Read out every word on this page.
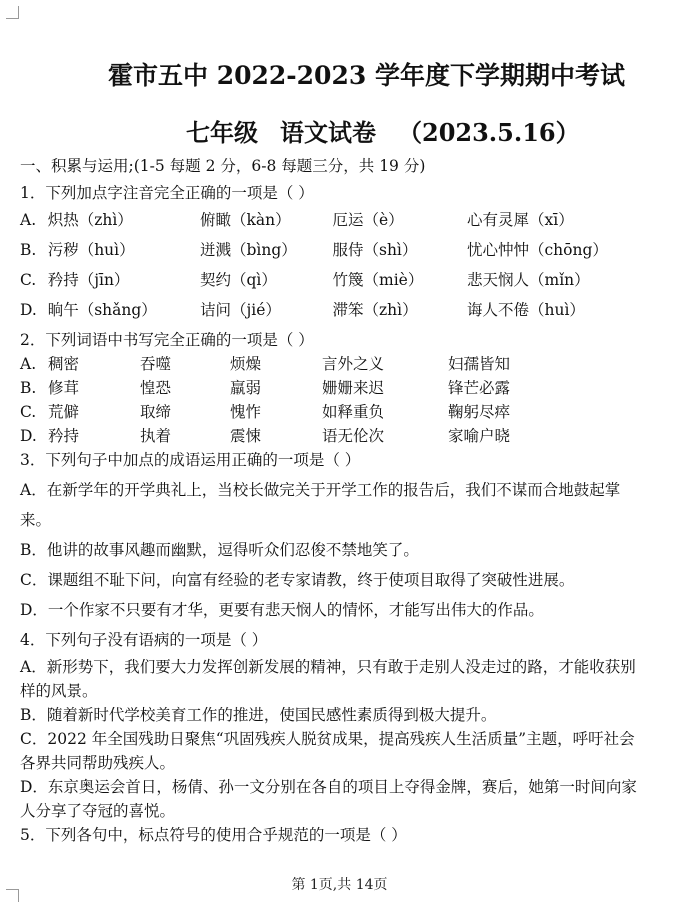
霍市五中 2022-2023 学年度下学期期中考试
七年级 语文试卷 （2023.5.16）
一、积累与运用;(1-5 每题 2 分，6-8 每题三分，共 19 分)
1．下列加点字注音完全正确的一项是（ ）
A. 炽热（zhì）	俯瞰（kàn）	厄运（è）	心有灵犀（xī）
B. 污秽（huì）	迸溅（bìng）	服侍（shì）	忧心忡忡（chōng）
C. 矜持（jīn）	契约（qì）	竹篾（miè）	悲天悯人（mǐn）
D. 晌午（shǎng）	诘问（jié）	滞笨（zhì）	诲人不倦（huì）
2．下列词语中书写完全正确的一项是（ ）
A. 稠密	吞噬	烦燥	言外之义	妇孺皆知
B. 修茸	惶恐	羸弱	姗姗来迟	锋芒必露
C. 荒僻	取缔	愧怍	如释重负	鞠躬尽瘁
D. 矜持	执着	震悚	语无伦次	家喻户晓
3．下列句子中加点的成语运用正确的一项是（ ）
A．在新学年的开学典礼上，当校长做完关于开学工作的报告后，我们不谋而合地鼓起掌来。
B．他讲的故事风趣而幽默，逗得听众们忍俊不禁地笑了。
C．课题组不耻下问，向富有经验的老专家请教，终于使项目取得了突破性进展。
D．一个作家不只要有才华，更要有悲天悯人的情怀，才能写出伟大的作品。
4．下列句子没有语病的一项是（ ）
A．新形势下，我们要大力发挥创新发展的精神，只有敢于走别人没走过的路，才能收获别样的风景。
B．随着新时代学校美育工作的推进，使国民感性素质得到极大提升。
C．2022 年全国残助日聚焦“巩固残疾人脱贫成果，提高残疾人生活质量”主题，呼吁社会各界共同帮助残疾人。
D．东京奥运会首日，杨倩、孙一文分别在各自的项目上夺得金牌，赛后，她第一时间向家人分享了夺冠的喜悦。
5．下列各句中，标点符号的使用合乎规范的一项是（ ）
第 1页,共 14页
